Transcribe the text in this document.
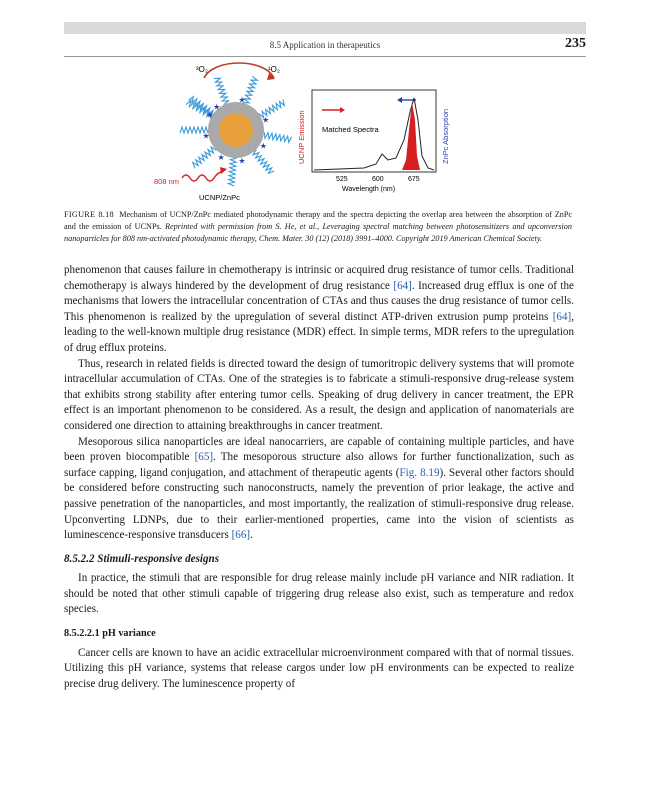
8.5 Application in therapeutics	235
³O₂	¹O₂
★
★
★
★
★
★
★
★
808 nm
UCNP/ZnPc
UCNP Emission	ZnPc Absorption
Matched Spectra
525	600	675
Wavelength (nm)
FIGURE 8.18 Mechanism of UCNP/ZnPc mediated photodynamic therapy and the spectra depicting the overlap area between the absorption of ZnPc and the emission of UCNPs. Reprinted with permission from S. He, et al., Leveraging spectral matching between photosensitizers and upconversion nanoparticles for 808 nm-activated photodynamic therapy, Chem. Mater. 30 (12) (2018) 3991–4000. Copyright 2019 American Chemical Society.

phenomenon that causes failure in chemotherapy is intrinsic or acquired drug resistance of tumor cells. Traditional chemotherapy is always hindered by the development of drug resistance [64]. Increased drug efflux is one of the mechanisms that lowers the intracellular concentration of CTAs and thus causes the drug resistance of tumor cells. This phenomenon is realized by the upregulation of several distinct ATP-driven extrusion pump proteins [64], leading to the well-known multiple drug resistance (MDR) effect. In simple terms, MDR refers to the upregulation of drug efflux proteins.

Thus, research in related fields is directed toward the design of tumoritropic delivery systems that will promote intracellular accumulation of CTAs. One of the strategies is to fabricate a stimuli-responsive drug-release system that exhibits strong stability after entering tumor cells. Speaking of drug delivery in cancer treatment, the EPR effect is an important phenomenon to be considered. As a result, the design and application of nanomaterials are considered one direction to attaining breakthroughs in cancer treatment.

Mesoporous silica nanoparticles are ideal nanocarriers, are capable of containing multiple particles, and have been proven biocompatible [65]. The mesoporous structure also allows for further functionalization, such as surface capping, ligand conjugation, and attachment of therapeutic agents (Fig. 8.19). Several other factors should be considered before constructing such nanoconstructs, namely the prevention of prior leakage, the active and passive penetration of the nanoparticles, and most importantly, the realization of stimuli-responsive drug release. Upconverting LDNPs, due to their earlier-mentioned properties, came into the vision of scientists as luminescence-responsive transducers [66].

8.5.2.2 Stimuli-responsive designs

In practice, the stimuli that are responsible for drug release mainly include pH variance and NIR radiation. It should be noted that other stimuli capable of triggering drug release also exist, such as temperature and redox species.

8.5.2.2.1 pH variance

Cancer cells are known to have an acidic extracellular microenvironment compared with that of normal tissues. Utilizing this pH variance, systems that release cargos under low pH environments can be expected to realize precise drug delivery. The luminescence property of
